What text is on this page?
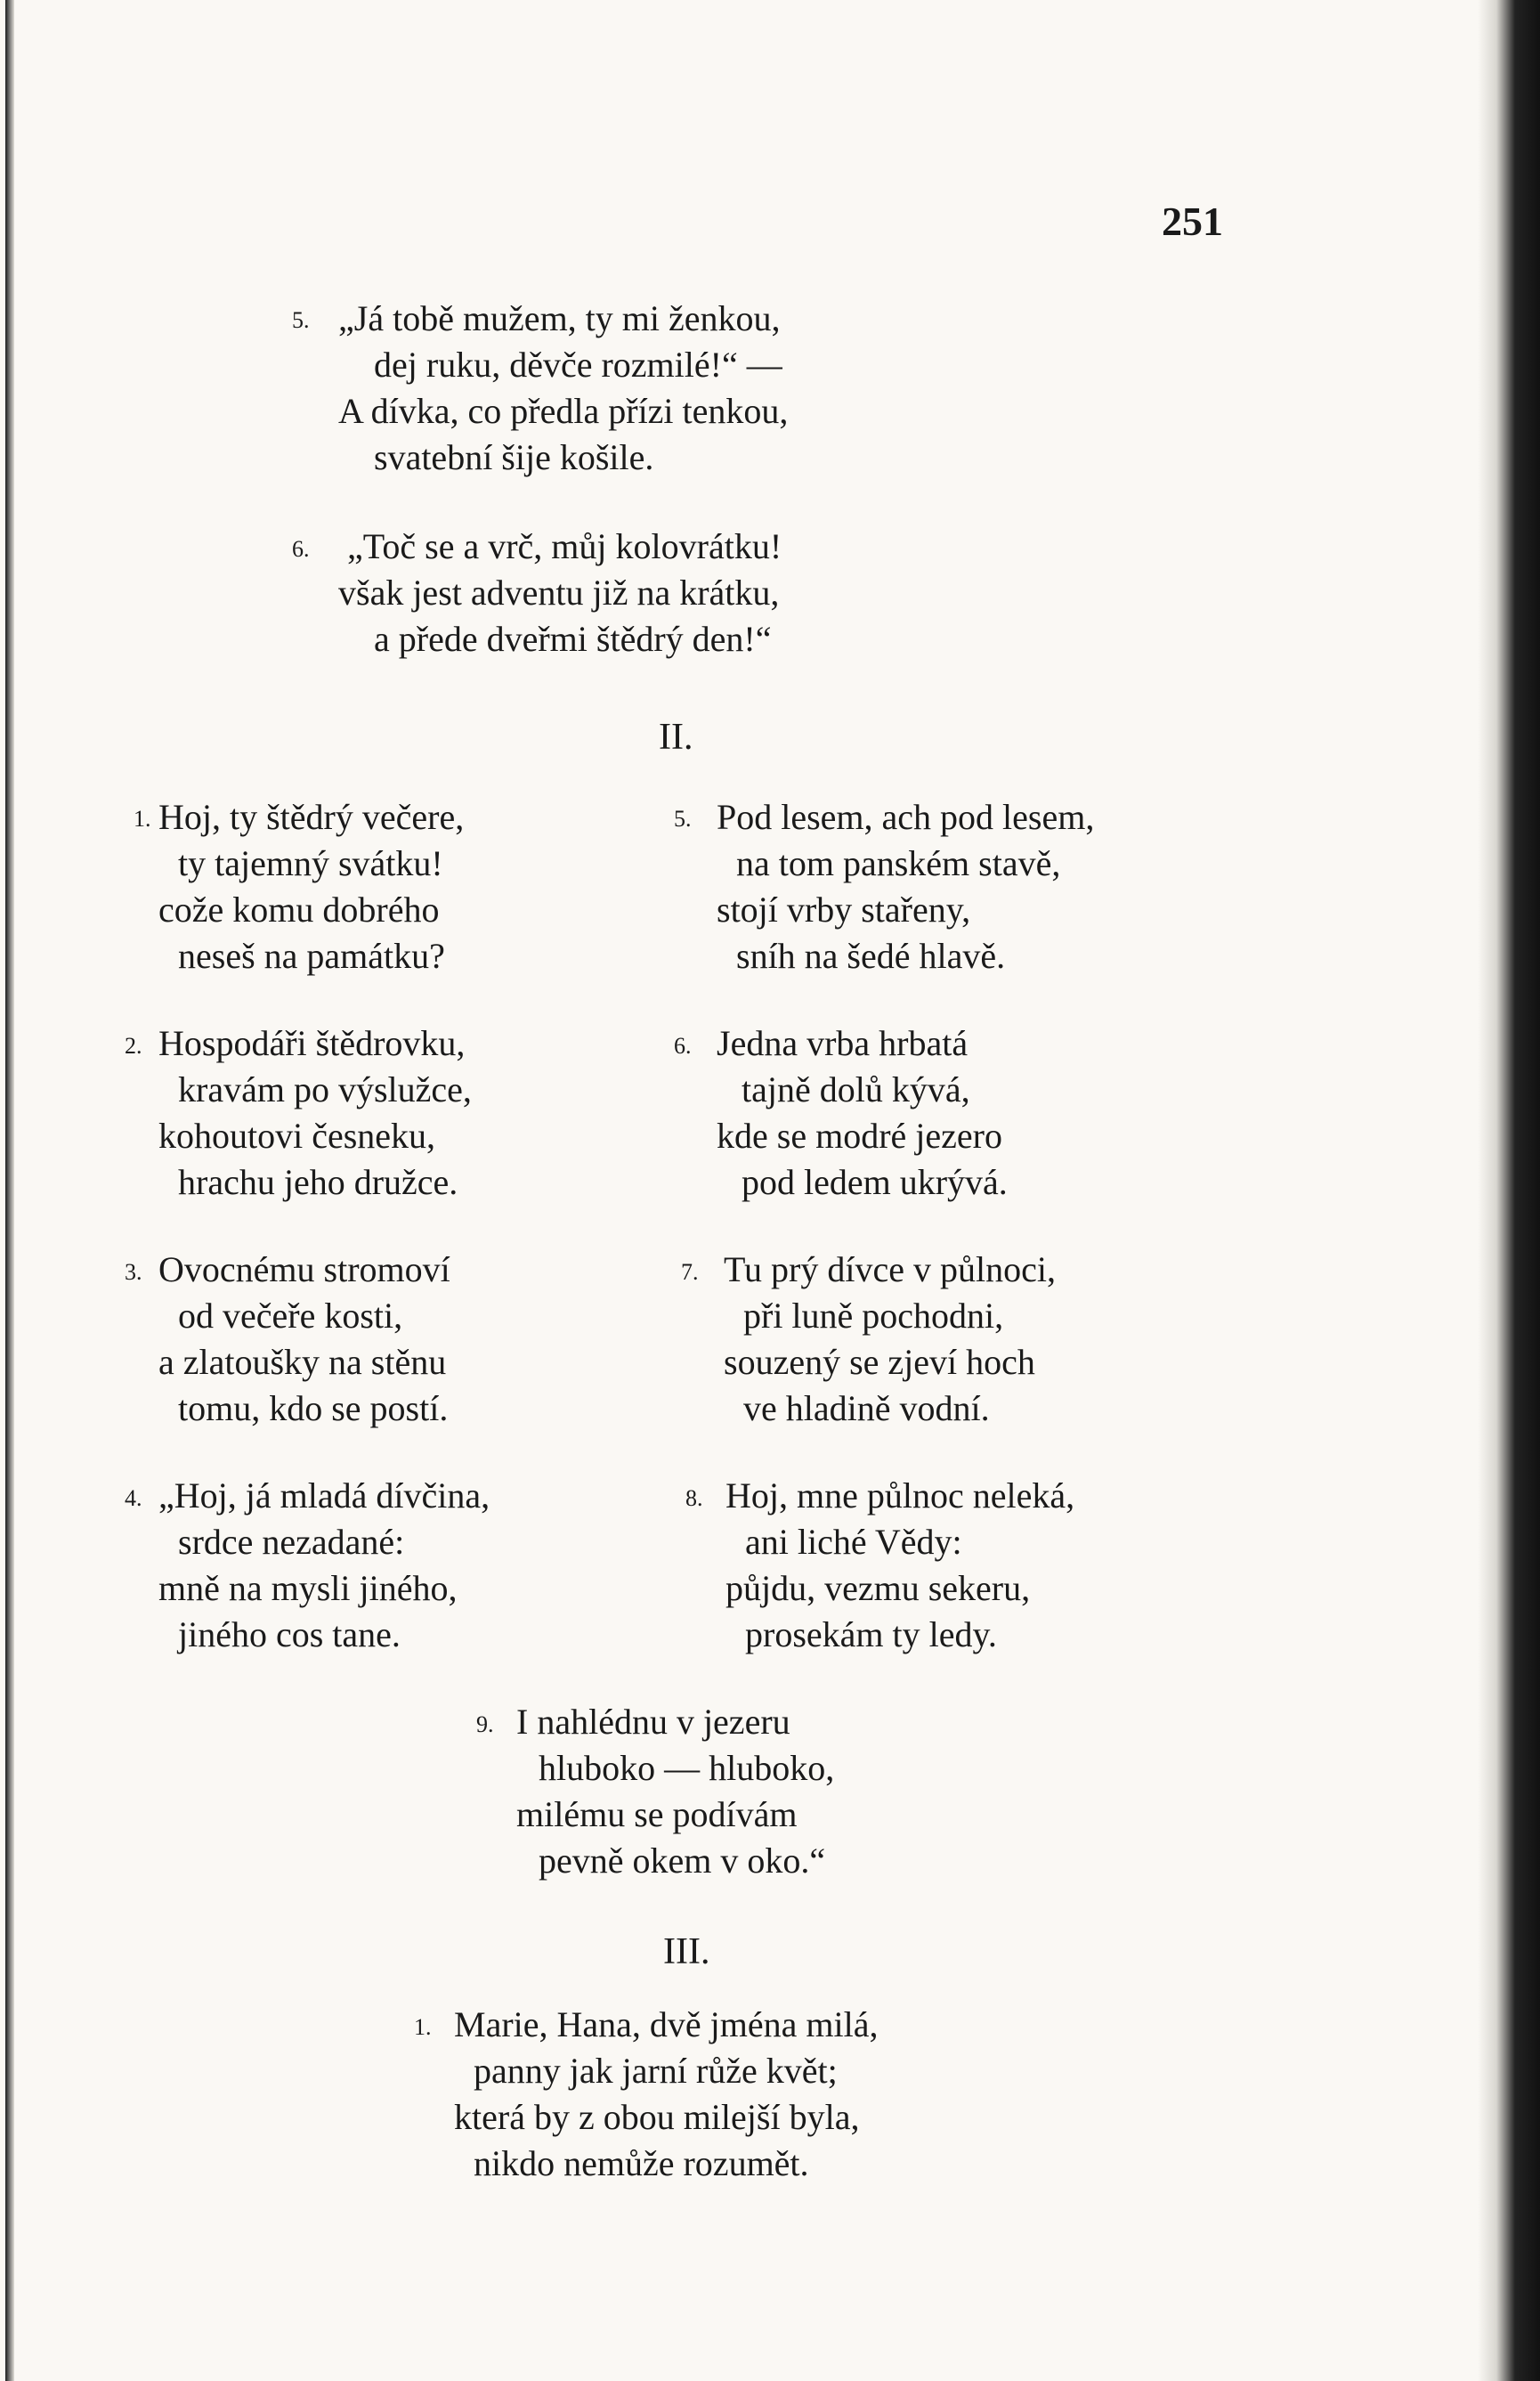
251
5. „Já tobě mužem, ty mi ženkou,
dej ruku, děvče rozmilé!“ —
A dívka, co předla přízi tenkou,
svatební šije košile.
6. „Toč se a vrč, můj kolovrátku!
však jest adventu již na krátku,
a přede dveřmi štědrý den!“
II.
1. Hoj, ty štědrý večere,
ty tajemný svátku!
cože komu dobrého
neseš na památku?
2. Hospodáři štědrovku,
kravám po výslužce,
kohoutovi česneku,
hrachu jeho družce.
3. Ovocnému stromoví
od večeře kosti,
a zlatoušky na stěnu
tomu, kdo se postí.
4. „Hoj, já mladá dívčina,
srdce nezadané:
mně na mysli jiného,
jiného cos tane.
5. Pod lesem, ach pod lesem,
na tom panském stavě,
stojí vrby stařeny,
sníh na šedé hlavě.
6. Jedna vrba hrbatá
tajně dolů kývá,
kde se modré jezero
pod ledem ukrývá.
7. Tu prý dívce v půlnoci,
při luně pochodni,
souzený se zjeví hoch
ve hladině vodní.
8. Hoj, mne půlnoc neleká,
ani liché Vědy:
půjdu, vezmu sekeru,
prosekám ty ledy.
9. I nahlédnu v jezeru
hluboko — hluboko,
milému se podívám
pevně okem v oko.“
III.
1. Marie, Hana, dvě jména milá,
panny jak jarní růže květ;
která by z obou milejší byla,
nikdo nemůže rozumět.
